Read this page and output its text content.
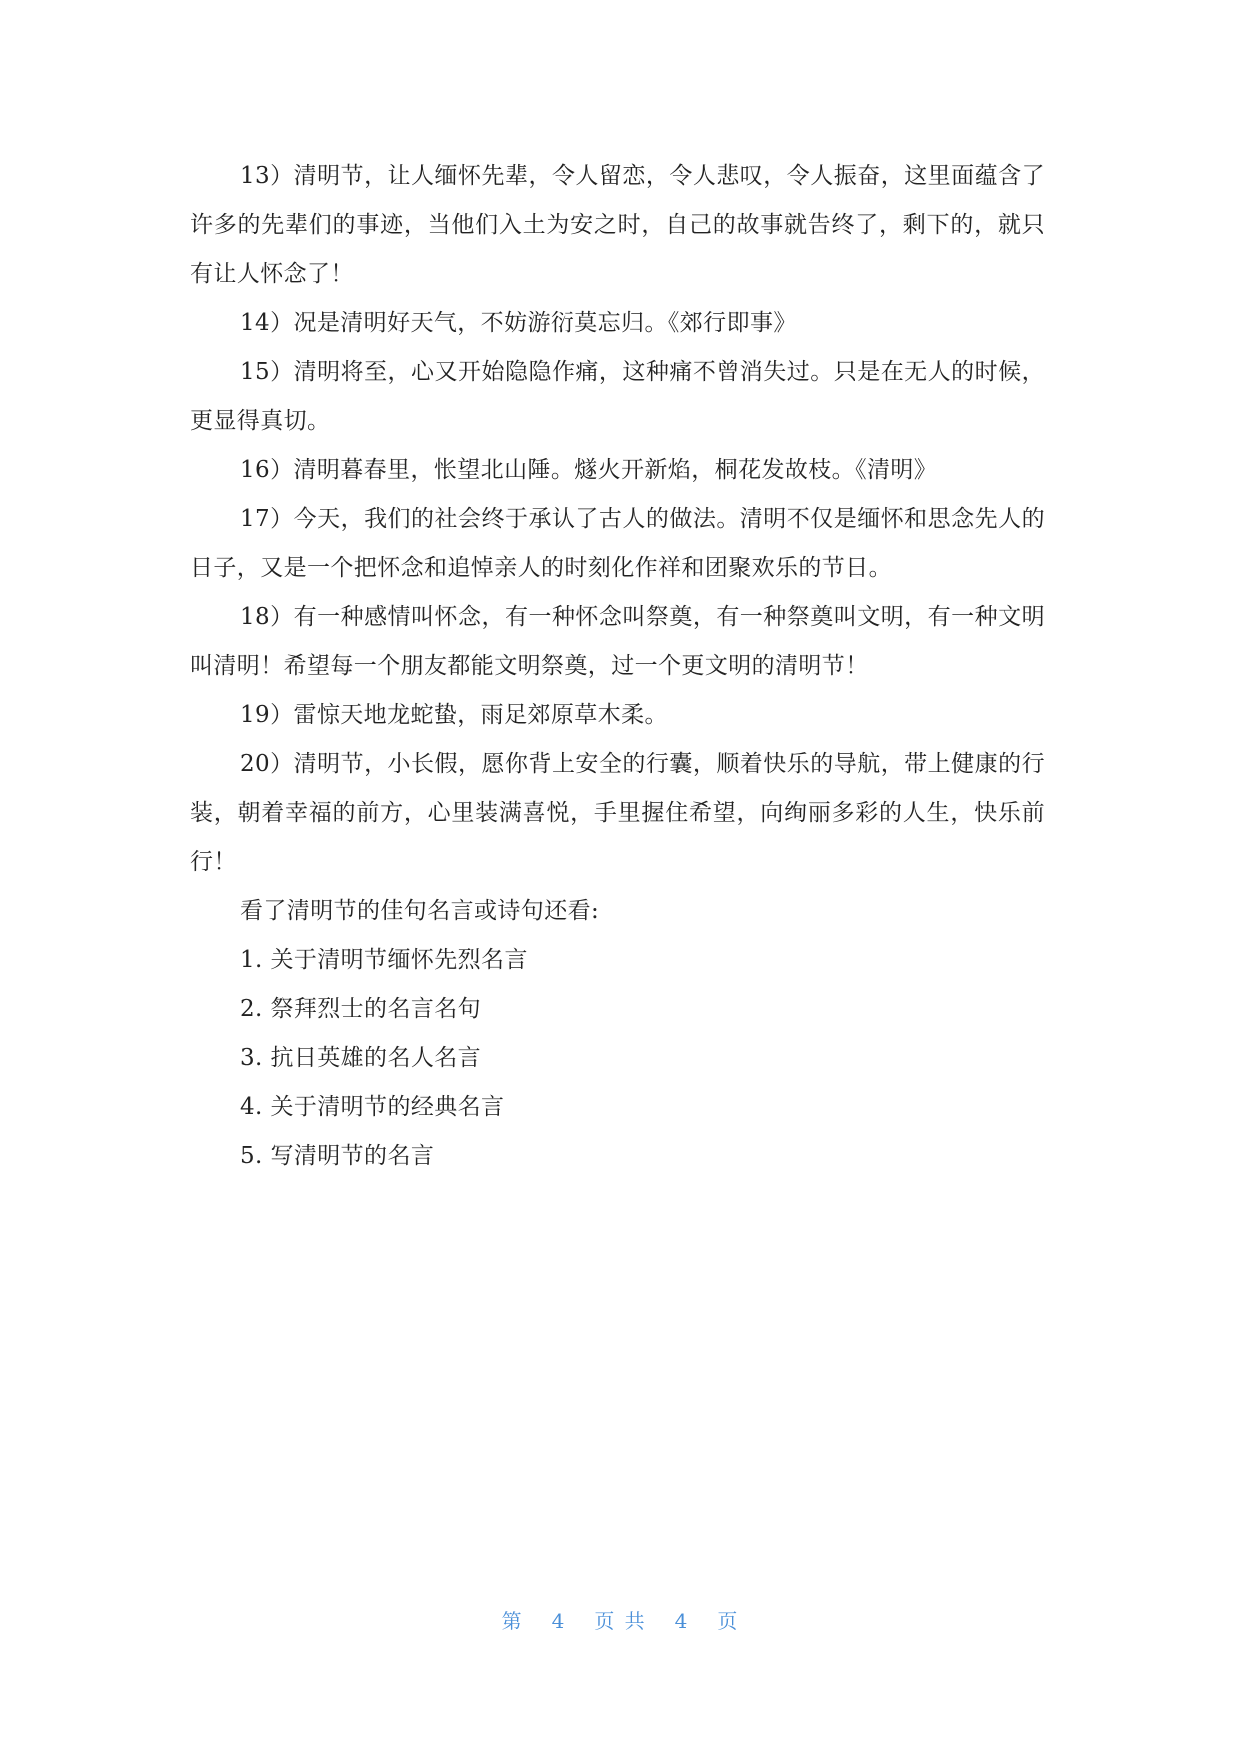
13）清明节，让人缅怀先辈，令人留恋，令人悲叹，令人振奋，这里面蕴含了许多的先辈们的事迹，当他们入土为安之时，自己的故事就告终了，剩下的，就只有让人怀念了！

14）况是清明好天气，不妨游衍莫忘归。《郊行即事》

15）清明将至，心又开始隐隐作痛，这种痛不曾消失过。只是在无人的时候，更显得真切。

16）清明暮春里，怅望北山陲。燧火开新焰，桐花发故枝。《清明》

17）今天，我们的社会终于承认了古人的做法。清明不仅是缅怀和思念先人的日子，又是一个把怀念和追悼亲人的时刻化作祥和团聚欢乐的节日。

18）有一种感情叫怀念，有一种怀念叫祭奠，有一种祭奠叫文明，有一种文明叫清明！希望每一个朋友都能文明祭奠，过一个更文明的清明节！

19）雷惊天地龙蛇蛰，雨足郊原草木柔。

20）清明节，小长假，愿你背上安全的行囊，顺着快乐的导航，带上健康的行装，朝着幸福的前方，心里装满喜悦，手里握住希望，向绚丽多彩的人生，快乐前行！

看了清明节的佳句名言或诗句还看:

1. 关于清明节缅怀先烈名言

2. 祭拜烈士的名言名句

3. 抗日英雄的名人名言

4. 关于清明节的经典名言

5. 写清明节的名言

第 4 页 共 4 页
